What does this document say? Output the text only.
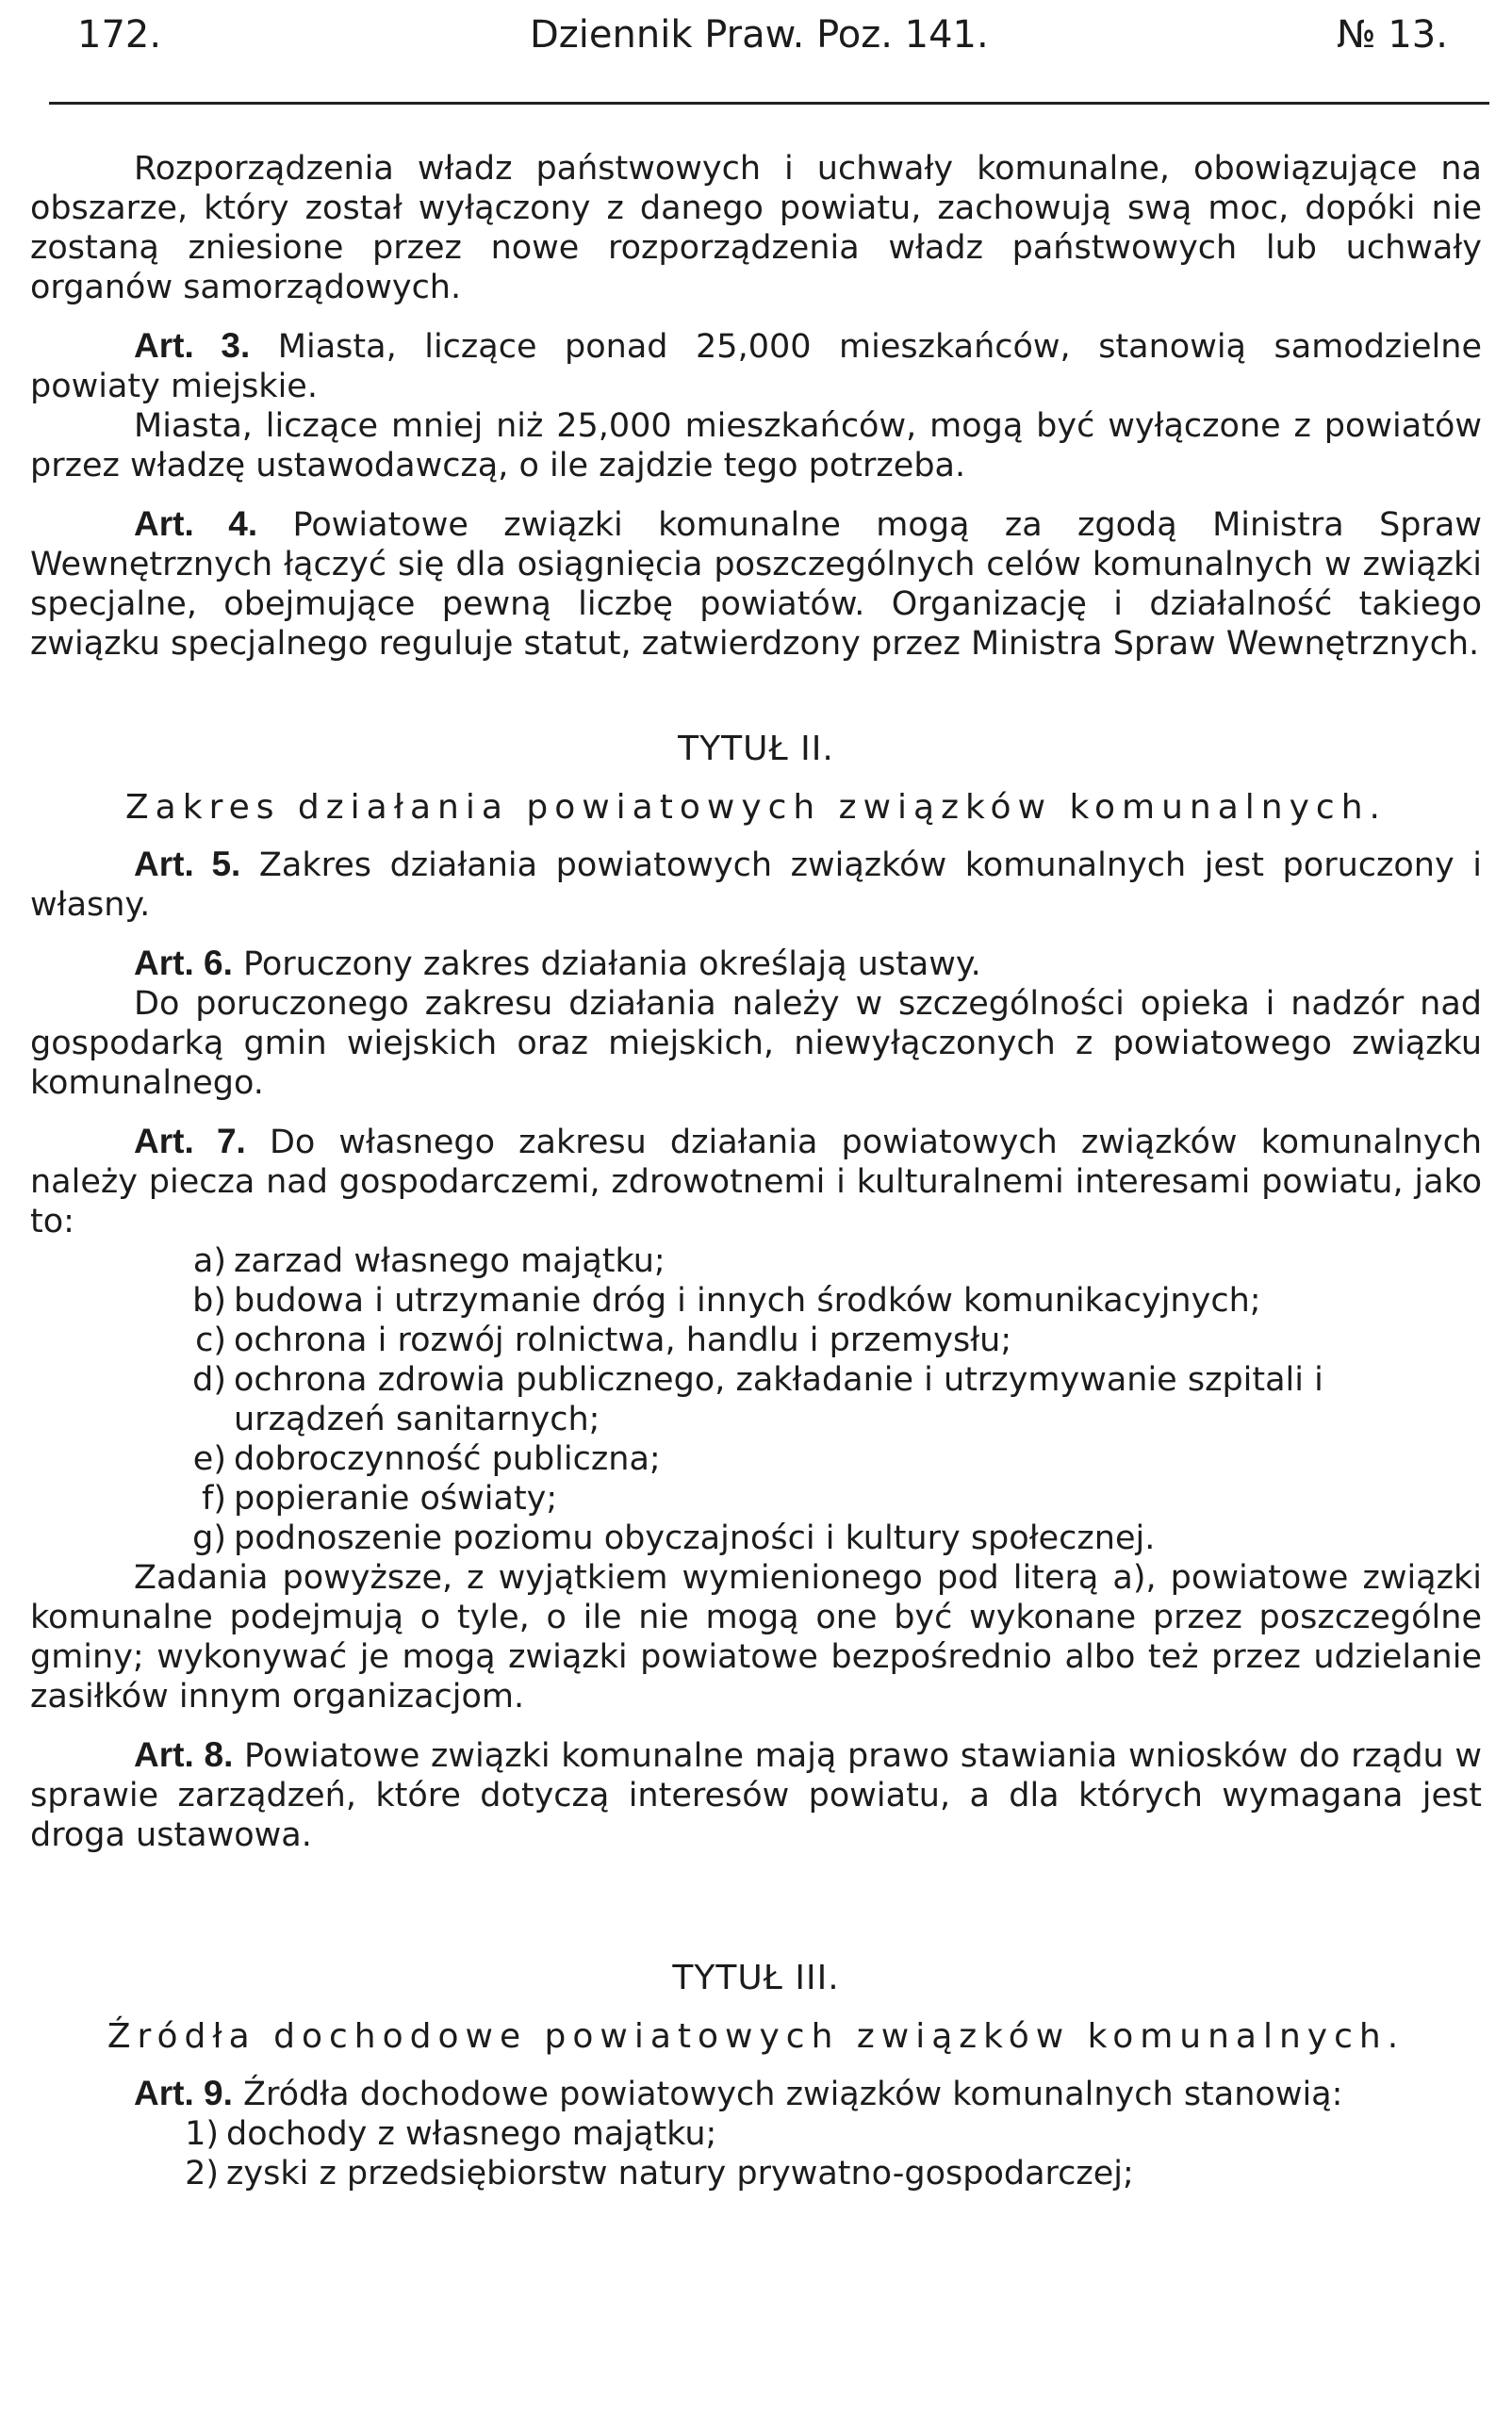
172.	Dziennik Praw. Poz. 141.	№ 13.

Rozporządzenia władz państwowych i uchwały komunalne, obowiązujące na obszarze, który został wyłączony z danego powiatu, zachowują swą moc, dopóki nie zostaną zniesione przez nowe rozporządzenia władz państwowych lub uchwały organów samorządowych.

Art. 3. Miasta, liczące ponad 25,000 mieszkańców, stanowią samodzielne powiaty miejskie.

Miasta, liczące mniej niż 25,000 mieszkańców, mogą być wyłączone z powiatów przez władzę ustawodawczą, o ile zajdzie tego potrzeba.

Art. 4. Powiatowe związki komunalne mogą za zgodą Ministra Spraw Wewnętrznych łączyć się dla osiągnięcia poszczególnych celów komunalnych w związki specjalne, obejmujące pewną liczbę powiatów. Organizację i działalność takiego związku specjalnego reguluje statut, zatwierdzony przez Ministra Spraw Wewnętrznych.

TYTUŁ II.
Zakres działania powiatowych związków komunalnych.

Art. 5. Zakres działania powiatowych związków komunalnych jest poruczony i własny.

Art. 6. Poruczony zakres działania określają ustawy.

Do poruczonego zakresu działania należy w szczególności opieka i nadzór nad gospodarką gmin wiejskich oraz miejskich, niewyłączonych z powiatowego związku komunalnego.

Art. 7. Do własnego zakresu działania powiatowych związków komunalnych należy piecza nad gospodarczemi, zdrowotnemi i kulturalnemi interesami powiatu, jako to:

a) zarzad własnego majątku;
b) budowa i utrzymanie dróg i innych środków komunikacyjnych;
c) ochrona i rozwój rolnictwa, handlu i przemysłu;
d) ochrona zdrowia publicznego, zakładanie i utrzymywanie szpitali i urządzeń sanitarnych;
e) dobroczynność publiczna;
f) popieranie oświaty;
g) podnoszenie poziomu obyczajności i kultury społecznej.

Zadania powyższe, z wyjątkiem wymienionego pod literą a), powiatowe związki komunalne podejmują o tyle, o ile nie mogą one być wykonane przez poszczególne gminy; wykonywać je mogą związki powiatowe bezpośrednio albo też przez udzielanie zasiłków innym organizacjom.

Art. 8. Powiatowe związki komunalne mają prawo stawiania wniosków do rządu w sprawie zarządzeń, które dotyczą interesów powiatu, a dla których wymagana jest droga ustawowa.

TYTUŁ III.
Źródła dochodowe powiatowych związków komunalnych.

Art. 9. Źródła dochodowe powiatowych związków komunalnych stanowią:

1) dochody z własnego majątku;
2) zyski z przedsiębiorstw natury prywatno-gospodarczej;
